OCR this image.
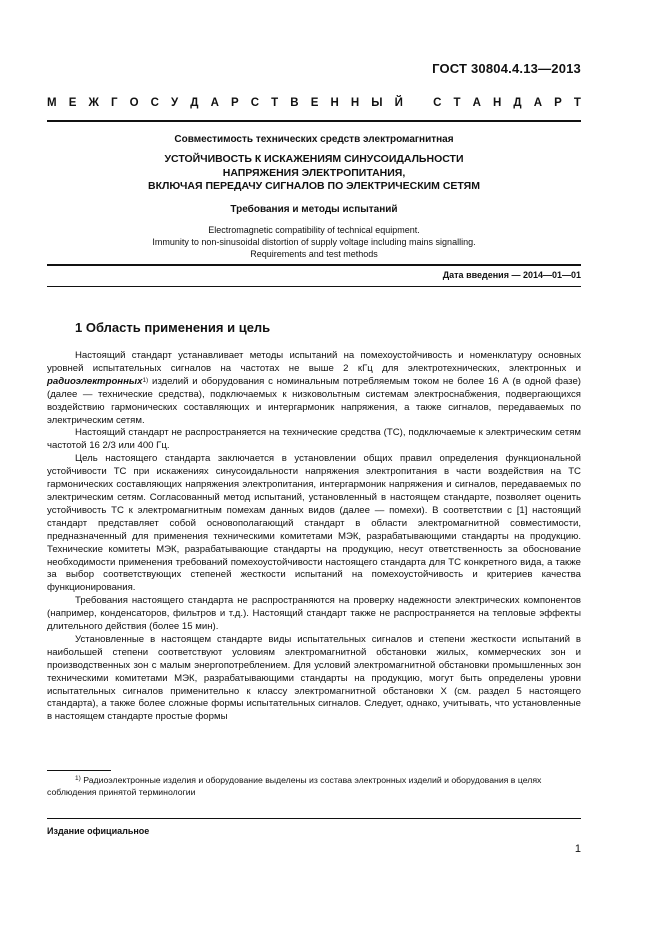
ГОСТ 30804.4.13—2013
М Е Ж Г О С У Д А Р С Т В Е Н Н Ы Й	С Т А Н Д А Р Т
Совместимость технических средств электромагнитная
УСТОЙЧИВОСТЬ К ИСКАЖЕНИЯМ СИНУСОИДАЛЬНОСТИ
НАПРЯЖЕНИЯ ЭЛЕКТРОПИТАНИЯ,
ВКЛЮЧАЯ ПЕРЕДАЧУ СИГНАЛОВ ПО ЭЛЕКТРИЧЕСКИМ СЕТЯМ
Требования и методы испытаний
Electromagnetic compatibility of technical equipment.
Immunity to non-sinusoidal distortion of supply voltage including mains signalling.
Requirements and test methods
Дата введения — 2014—01—01
1 Область применения и цель

Настоящий стандарт устанавливает методы испытаний на помехоустойчивость и номенклатуру основных уровней испытательных сигналов на частотах не выше 2 кГц для электротехнических, электронных и радиоэлектронных$^{1)}$ изделий и оборудования с номинальным потребляемым током не более 16 А (в одной фазе) (далее — технические средства), подключаемых к низковольтным системам электроснабжения, подвергающихся воздействию гармонических составляющих и интергармоник напряжения, а также сигналов, передаваемых по электрическим сетям.

Настоящий стандарт не распространяется на технические средства (ТС), подключаемые к электрическим сетям частотой 16 2/3 или 400 Гц.

Цель настоящего стандарта заключается в установлении общих правил определения функциональной устойчивости ТС при искажениях синусоидальности напряжения электропитания в части воздействия на ТС гармонических составляющих напряжения электропитания, интергармоник напряжения и сигналов, передаваемых по электрическим сетям. Согласованный метод испытаний, установленный в настоящем стандарте, позволяет оценить устойчивость ТС к электромагнитным помехам данных видов (далее — помехи). В соответствии с [1] настоящий стандарт представляет собой основополагающий стандарт в области электромагнитной совместимости, предназначенный для применения техническими комитетами МЭК, разрабатывающими стандарты на продукцию. Технические комитеты МЭК, разрабатывающие стандарты на продукцию, несут ответственность за обоснование необходимости применения требований помехоустойчивости настоящего стандарта для ТС конкретного вида, а также за выбор соответствующих степеней жесткости испытаний на помехоустойчивость и критериев качества функционирования.

Требования настоящего стандарта не распространяются на проверку надежности электрических компонентов (например, конденсаторов, фильтров и т.д.). Настоящий стандарт также не распространяется на тепловые эффекты длительного действия (более 15 мин).

Установленные в настоящем стандарте виды испытательных сигналов и степени жесткости испытаний в наибольшей степени соответствуют условиям электромагнитной обстановки жилых, коммерческих зон и производственных зон с малым энергопотреблением. Для условий электромагнитной обстановки промышленных зон техническими комитетами МЭК, разрабатывающими стандарты на продукцию, могут быть определены уровни испытательных сигналов применительно к классу электромагнитной обстановки X (см. раздел 5 настоящего стандарта), а также более сложные формы испытательных сигналов. Следует, однако, учитывать, что установленные в настоящем стандарте простые формы

$^{1)}$ Радиоэлектронные изделия и оборудование выделены из состава электронных изделий и оборудования в целях соблюдения принятой терминологии
Издание официальное
1
